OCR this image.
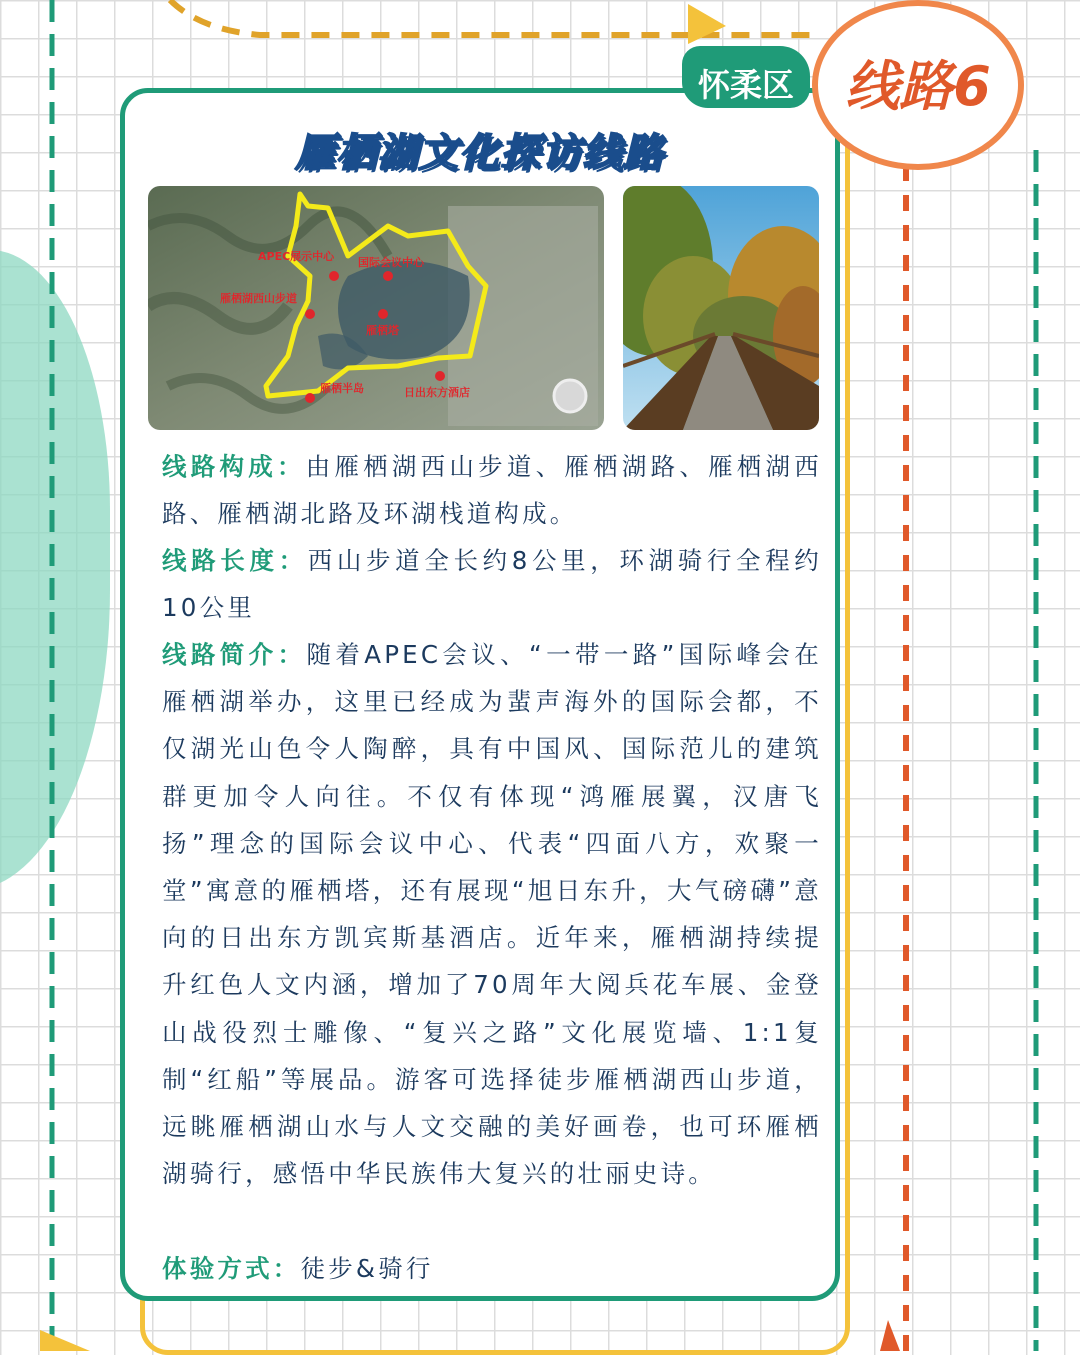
线路6
怀柔区
雁栖湖文化探访线路
APEC展示中心 国际会议中心
雁栖湖西山步道
雁栖塔
雁栖半岛	日出东方酒店
线路构成：由雁栖湖西山步道、雁栖湖路、雁栖湖西路、雁栖湖北路及环湖栈道构成。
线路长度：西山步道全长约8公里，环湖骑行全程约10公里
线路简介：随着APEC会议、“一带一路”国际峰会在雁栖湖举办，这里已经成为蜚声海外的国际会都，不仅湖光山色令人陶醉，具有中国风、国际范儿的建筑群更加令人向往。不仅有体现“鸿雁展翼，汉唐飞扬”理念的国际会议中心、代表“四面八方，欢聚一堂”寓意的雁栖塔，还有展现“旭日东升，大气磅礴”意向的日出东方凯宾斯基酒店。近年来，雁栖湖持续提升红色人文内涵，增加了70周年大阅兵花车展、金登山战役烈士雕像、“复兴之路”文化展览墙、1:1复制“红船”等展品。游客可选择徒步雁栖湖西山步道，远眺雁栖湖山水与人文交融的美好画卷，也可环雁栖湖骑行，感悟中华民族伟大复兴的壮丽史诗。
体验方式：徒步&骑行
